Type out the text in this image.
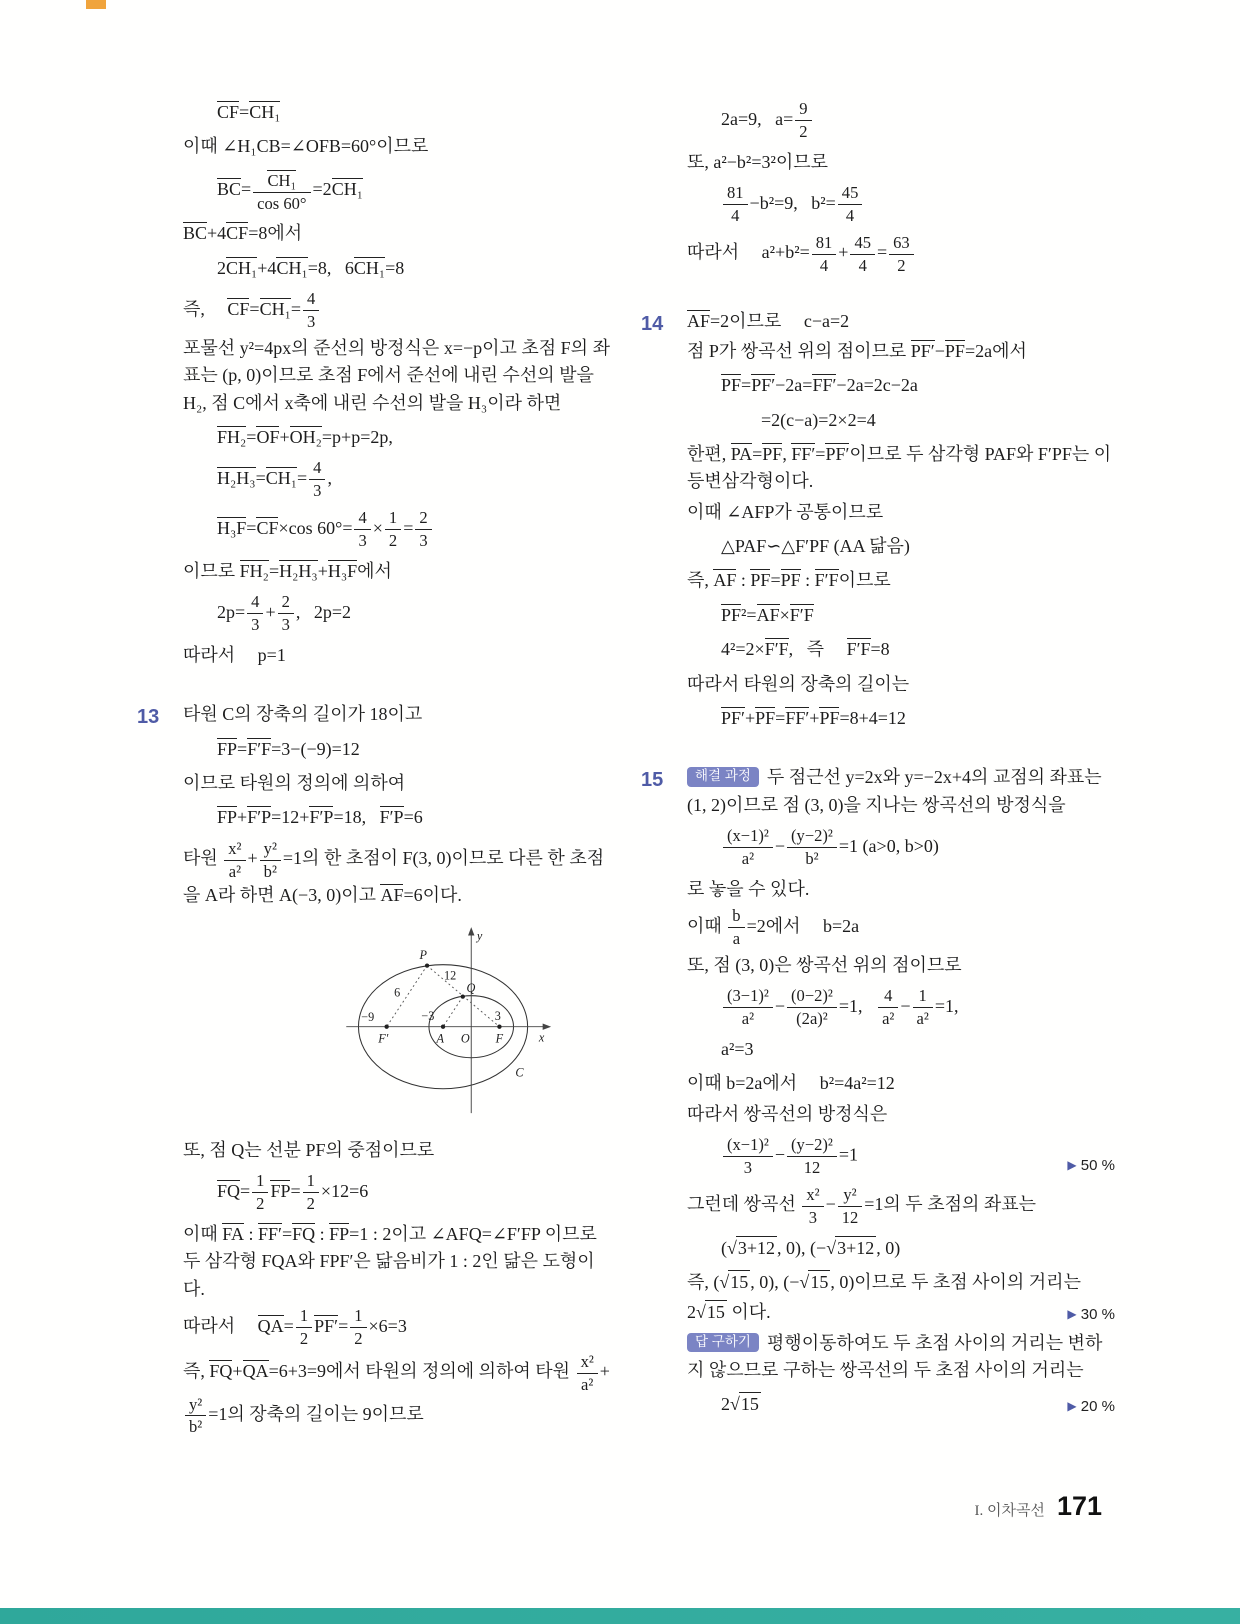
CF=CH₁
이때 ∠H₁CB=∠OFB=60°이므로
$BC= \frac{\text{CH₁}}{\cos 60^\circ} =2CH_1$
BC+4CF=8에서
2CH₁+4CH₁=8,   6CH₁=8
즉,     $CF=CH_1= \frac{4}{3}$
포물선 y²=4px의 준선의 방정식은 x=−p이고 초점 F의 좌표는 (p, 0)이므로 초점 F에서 준선에 내린 수선의 발을 H₂, 점 C에서 x축에 내린 수선의 발을 H₃이라 하면
FH₂=OF+OH₂=p+p=2p,
$H_2H_3=CH_1= \frac{4}{3}$ ,
H₃F=CF×cos $60^\circ= \frac{4}{3} \times \frac{1}{2} = \frac{2}{3}$
이므로 FH₂=H₂H₃+H₃F에서
$2p= \frac{4}{3} + \frac{2}{3}$ ,   2p=2
따라서     p=1
13 타원 C의 장축의 길이가 18이고
FP=F′F=3−(−9)=12
이므로 타원의 정의에 의하여
FP+F′P=12+F′P=18,   F′P=6
타원 $\frac{\text{x²}}{\text{a²}} + \frac{\text{y²}}{\text{b²}} =1$의 한 초점이 F(3, 0)이므로 다른 한 초점을 A라 하면 A(−3, 0)이고 AF=6이다.
P
12
Q
6
−9	−3	3
F′	A O F
C
x
y
또, 점 Q는 선분 PF의 중점이므로
$FQ= \frac{1}{2} FP= \frac{1}{2} \times 12=6$
이때 FA : FF′=FQ : FP=1 : 2이고 ∠AFQ=∠F′FP 이므로 두 삼각형 FQA와 FPF′은 닮음비가 1 : 2인 닮은 도형이다.
따라서     $QA= \frac{1}{2} PF'= \frac{1}{2} \times 6=3$
즉, FQ+QA=6+3=9에서 타원의 정의에 의하여 타원 $\frac{\text{x²}}{\text{a²}}$ +
$\frac{\text{y²}}{\text{b²}} =1$의 장축의 길이는 9이므로
2a=9,   $a= \frac{9}{2}$
또, a²−b²=3²이므로
$\frac{81}{4} -b^2=9$,   $b^2= \frac{45}{4}$
따라서     $a^2+b^2= \frac{81}{4} + \frac{45}{4} = \frac{63}{2}$
14 AF=2이므로     c−a=2
점 P가 쌍곡선 위의 점이므로 PF′−PF=2a에서
PF=PF′−2a=FF′−2a=2c−2a
=2(c−a)=2×2=4
한편, PA=PF, FF′=PF′이므로 두 삼각형 PAF와 F′PF는 이등변삼각형이다.
이때 ∠AFP가 공통이므로
△PAF∽△F′PF (AA 닮음)
즉, AF : PF=PF : F′F이므로
PF²=AF×F′F
4²=2×F′F,   즉     F′F=8
따라서 타원의 장축의 길이는
PF′+PF=FF′+PF=8+4=12
15 해결 과정 두 점근선 y=2x와 y=−2x+4의 교점의 좌표는 (1, 2)이므로 점 (3, 0)을 지나는 쌍곡선의 방정식을
$\frac{\text{(x−1)²}}{\text{a²}} - \frac{\text{(y−2)²}}{\text{b²}} =1$ (a>0, b>0)
로 놓을 수 있다.
이때 $\frac{b}{a} =2$에서     b=2a
또, 점 (3, 0)은 쌍곡선 위의 점이므로
$\frac{\text{(3−1)²}}{\text{a²}} - \frac{\text{(0−2)²}}{\text{(2a)²}} =1$, $\frac{4}{\text{a²}} - \frac{1}{\text{a²}} =1$,
a²=3
이때 b=2a에서     b²=4a²=12
따라서 쌍곡선의 방정식은
$\frac{\text{(x−1)²}}{3} - \frac{\text{(y−2)²}}{12} =1$
▶ 50 %
그런데 쌍곡선 $\frac{\text{x²}}{3} - \frac{\text{y²}}{12} =1$의 두 초점의 좌표는
(√3+12 , 0), (−√3+12 , 0)
즉, (√15 , 0), (−√15 , 0)이므로 두 초점 사이의 거리는
2√15 이다.	▶ 30 %
답 구하기 평행이동하여도 두 초점 사이의 거리는 변하지 않으므로 구하는 쌍곡선의 두 초점 사이의 거리는
2√15	▶ 20 %
I. 이차곡선 171
